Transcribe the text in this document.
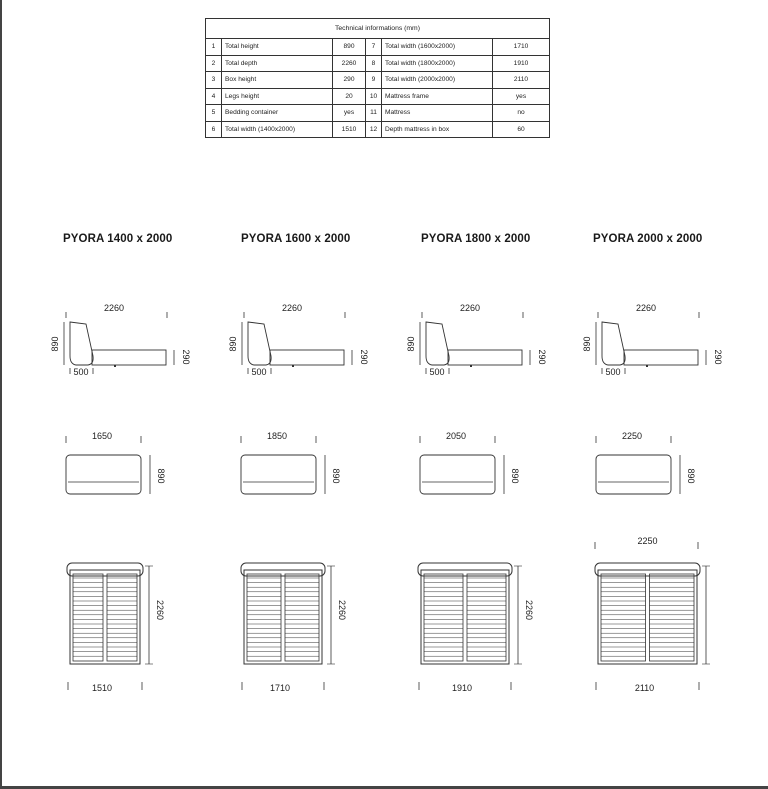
Technical informations (mm)					
1	Total height	890	7	Total width (1600x2000)	1710
2	Total depth	2260	8	Total width (1800x2000)	1910
3	Box height	290	9	Total width (2000x2000)	2110
4	Legs height	20	10	Mattress frame	yes
5	Bedding container	yes	11	Mattress	no
6	Total width (1400x2000)	1510	12	Depth mattress in box	60
PYORA 1400 x 2000	PYORA 1600 x 2000	PYORA 1800 x 2000	PYORA 2000 x 2000
2260
890
290
500
1650
890
2260
1510
2260
890
290
500
1850
890
2260
1710
2260
890
290
500
2050
890
2260
1910
2260
890
290
500
2250
890
2110
2250
